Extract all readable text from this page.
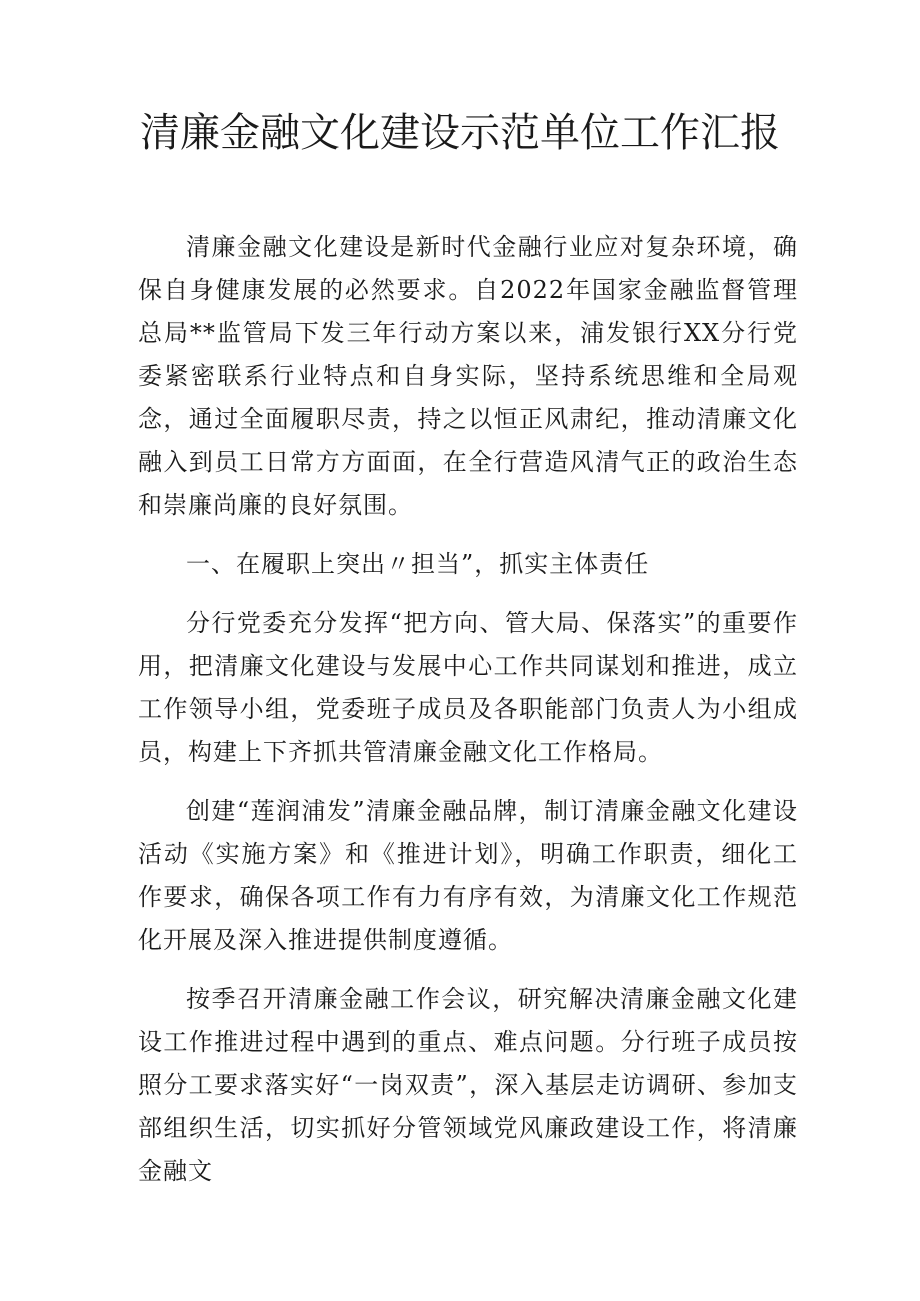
清廉金融文化建设示范单位工作汇报

清廉金融文化建设是新时代金融行业应对复杂环境，确保自身健康发展的必然要求。自2022年国家金融监督管理总局**监管局下发三年行动方案以来，浦发银行XX分行党委紧密联系行业特点和自身实际，坚持系统思维和全局观念，通过全面履职尽责，持之以恒正风肃纪，推动清廉文化融入到员工日常方方面面，在全行营造风清气正的政治生态和崇廉尚廉的良好氛围。

一、在履职上突出〃担当”，抓实主体责任

分行党委充分发挥“把方向、管大局、保落实”的重要作用，把清廉文化建设与发展中心工作共同谋划和推进，成立工作领导小组，党委班子成员及各职能部门负责人为小组成员，构建上下齐抓共管清廉金融文化工作格局。

创建“莲润浦发”清廉金融品牌，制订清廉金融文化建设活动《实施方案》和《推进计划》，明确工作职责，细化工作要求，确保各项工作有力有序有效，为清廉文化工作规范化开展及深入推进提供制度遵循。

按季召开清廉金融工作会议，研究解决清廉金融文化建设工作推进过程中遇到的重点、难点问题。分行班子成员按照分工要求落实好“一岗双责”，深入基层走访调研、参加支部组织生活，切实抓好分管领域党风廉政建设工作，将清廉金融文
